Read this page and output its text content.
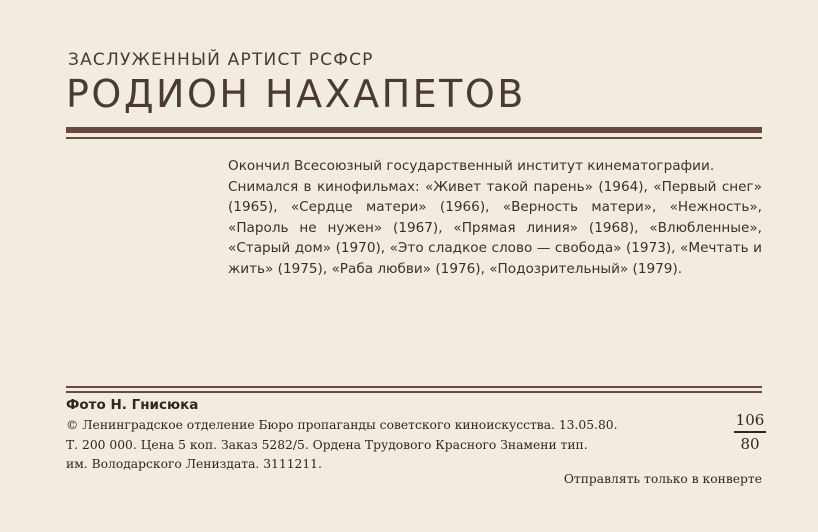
ЗАСЛУЖЕННЫЙ АРТИСТ РСФСР
РОДИОН НАХАПЕТОВ

Окончил Всесоюзный государственный институт кинематографии.

Снимался в кинофильмах: «Живет такой парень» (1964), «Первый снег» (1965), «Сердце матери» (1966), «Верность матери», «Нежность», «Пароль не нужен» (1967), «Прямая линия» (1968), «Влюбленные», «Старый дом» (1970), «Это сладкое слово — свобода» (1973), «Мечтать и жить» (1975), «Раба любви» (1976), «Подозрительный» (1979).

Фото Н. Гнисюка
© Ленинградское отделение Бюро пропаганды советского киноискусства. 13.05.80.
Т. 200 000. Цена 5 коп. Заказ 5282/5. Ордена Трудового Красного Знамени тип.
им. Володарского Лениздата. 3111211.
106
80
Отправлять только в конверте
